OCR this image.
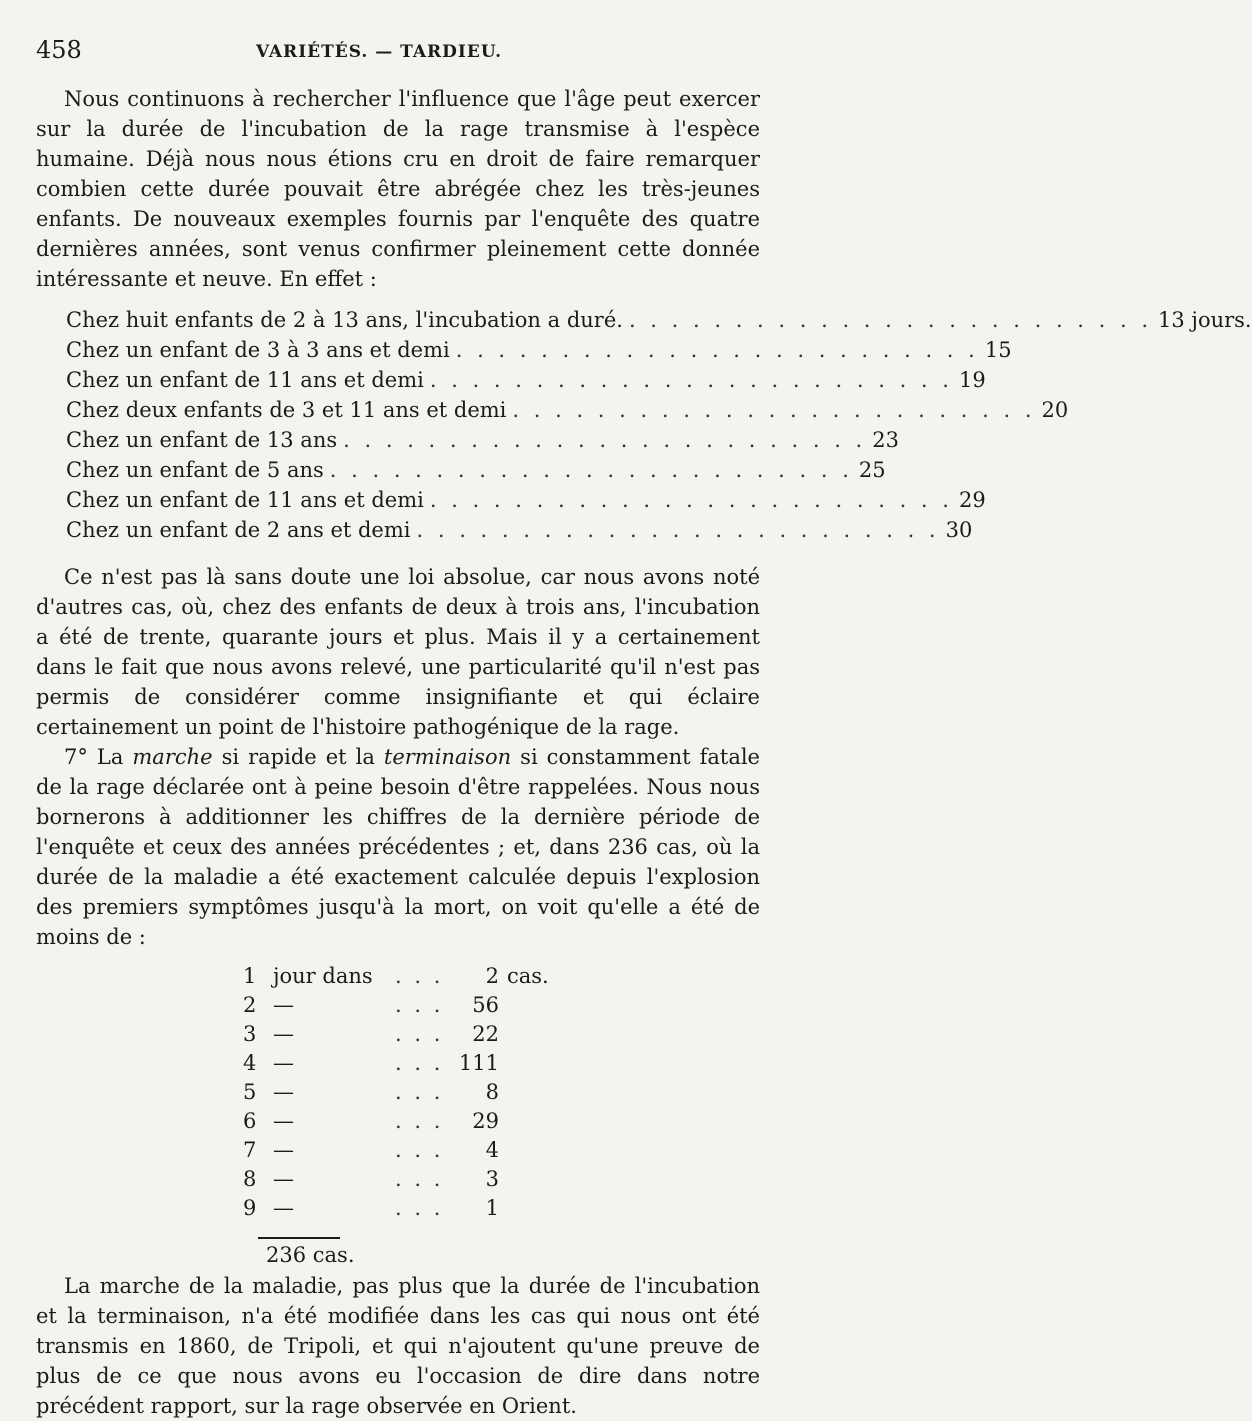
458	VARIÉTÉS. — TARDIEU.

Nous continuons à rechercher l'influence que l'âge peut exercer sur la durée de l'incubation de la rage transmise à l'espèce humaine. Déjà nous nous étions cru en droit de faire remarquer combien cette durée pouvait être abrégée chez les très-jeunes enfants. De nouveaux exemples fournis par l'enquête des quatre dernières années, sont venus confirmer pleinement cette donnée intéressante et neuve. En effet :

Chez huit enfants de 2 à 13 ans, l'incubation a duré. . . . . . . . . . . . . . . . . . . . . . . . . . 13 jours.
Chez un enfant de 3 à 3 ans et demi . . . . . . . . . . . . . . . . . . . . . . . . . 15
Chez un enfant de 11 ans et demi . . . . . . . . . . . . . . . . . . . . . . . . . 19
Chez deux enfants de 3 et 11 ans et demi . . . . . . . . . . . . . . . . . . . . . . . . . 20
Chez un enfant de 13 ans . . . . . . . . . . . . . . . . . . . . . . . . . 23
Chez un enfant de 5 ans . . . . . . . . . . . . . . . . . . . . . . . . . 25
Chez un enfant de 11 ans et demi . . . . . . . . . . . . . . . . . . . . . . . . . 29
Chez un enfant de 2 ans et demi . . . . . . . . . . . . . . . . . . . . . . . . . 30

Ce n'est pas là sans doute une loi absolue, car nous avons noté d'autres cas, où, chez des enfants de deux à trois ans, l'incubation a été de trente, quarante jours et plus. Mais il y a certainement dans le fait que nous avons relevé, une particularité qu'il n'est pas permis de considérer comme insignifiante et qui éclaire certainement un point de l'histoire pathogénique de la rage.

7° La marche si rapide et la terminaison si constamment fatale de la rage déclarée ont à peine besoin d'être rappelées. Nous nous bornerons à additionner les chiffres de la dernière période de l'enquête et ceux des années précédentes ; et, dans 236 cas, où la durée de la maladie a été exactement calculée depuis l'explosion des premiers symptômes jusqu'à la mort, on voit qu'elle a été de moins de :

1 jour dans	. . .	2 cas.
2 —	. . .	56
3 —	. . .	22
4 —	. . . 111
5 —	. . .	8
6 —	. . .	29
7 —	. . .	4
8 —	. . .	3
9 —	. . .	1
236 cas.

La marche de la maladie, pas plus que la durée de l'incubation et la terminaison, n'a été modifiée dans les cas qui nous ont été transmis en 1860, de Tripoli, et qui n'ajoutent qu'une preuve de plus de ce que nous avons eu l'occasion de dire dans notre précédent rapport, sur la rage observée en Orient.
